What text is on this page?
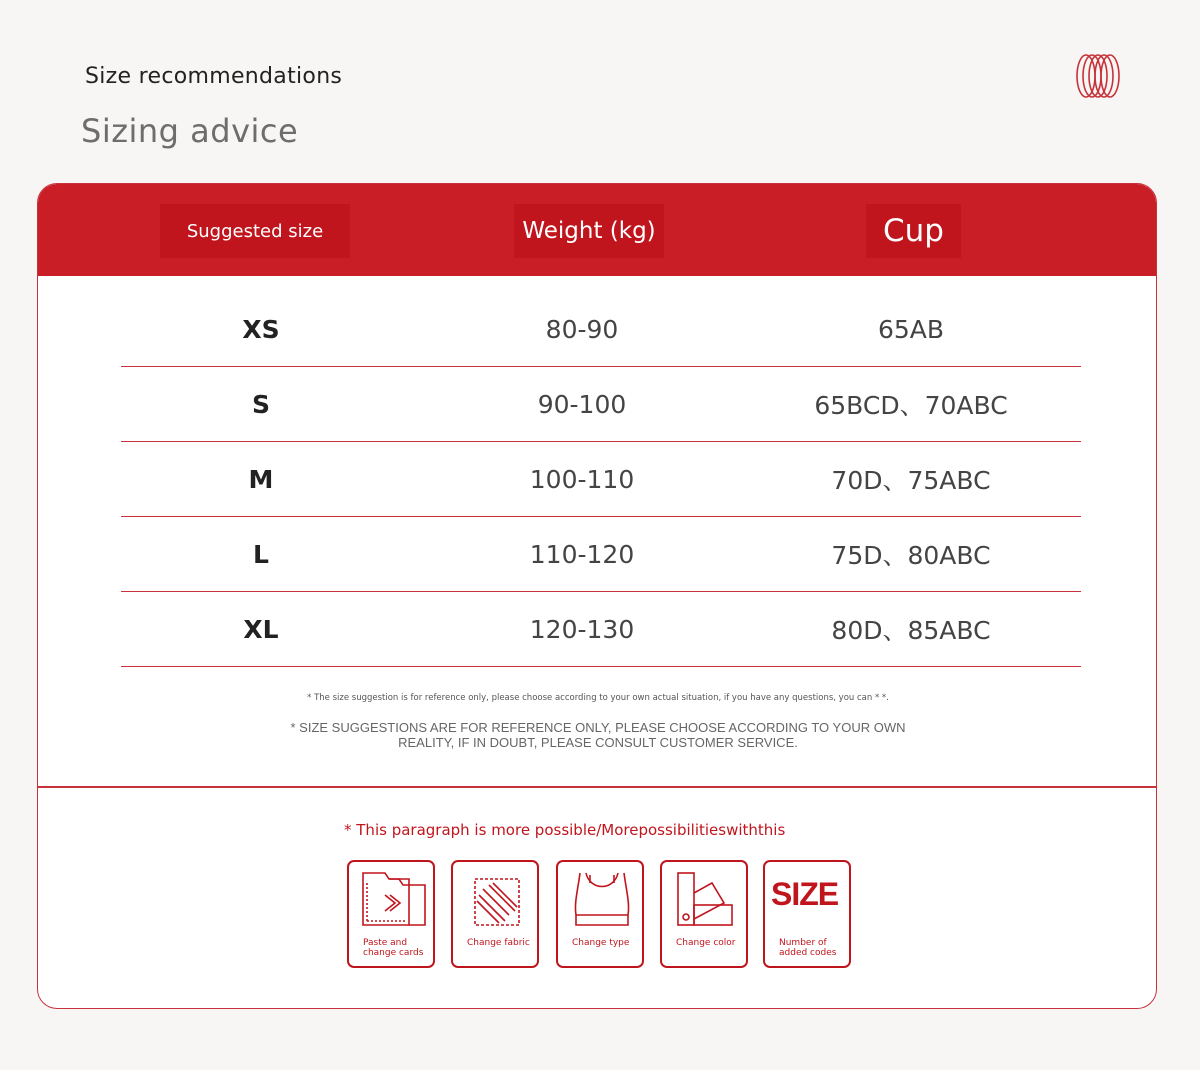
Size recommendations
Sizing advice
Suggested size	Weight (kg)	Cup
XS	80-90	65AB
S	90-100	65BCD、70ABC
M	100-110	70D、75ABC
L	110-120	75D、80ABC
XL	120-130	80D、85ABC
* The size suggestion is for reference only, please choose according to your own actual situation, if you have any questions, you can * *.
* SIZE SUGGESTIONS ARE FOR REFERENCE ONLY, PLEASE CHOOSE ACCORDING TO YOUR OWN REALITY, IF IN DOUBT, PLEASE CONSULT CUSTOMER SERVICE.
* This paragraph is more possible/Morepossibilitieswiththis
Paste and change cards
Change fabric	Change type	Change color
SIZE
Number of added codes
